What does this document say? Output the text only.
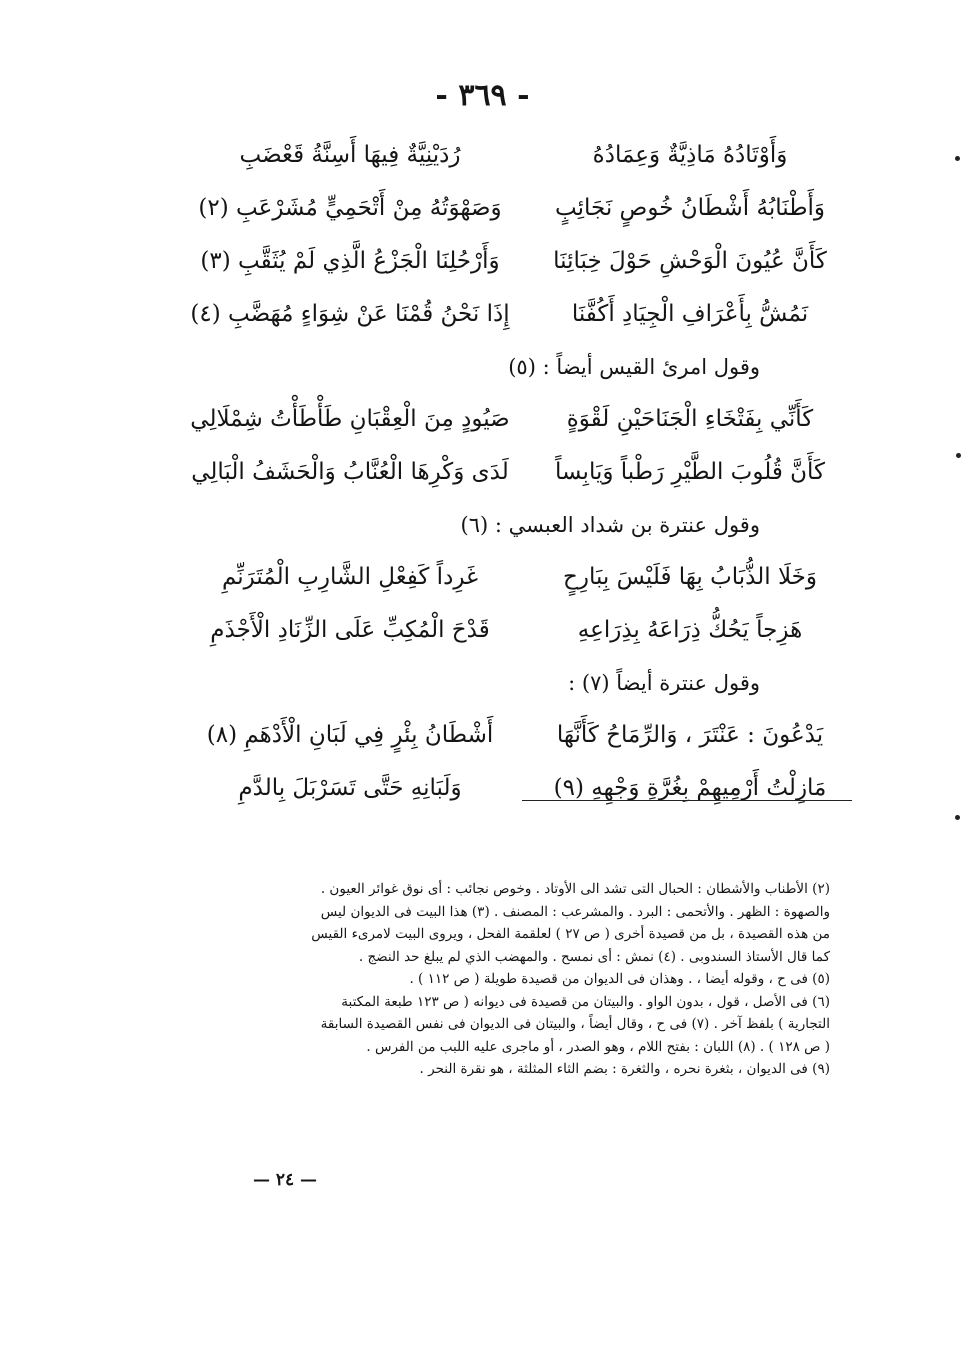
- ٣٦٩ -
وَأَوْتَادُهُ مَاذِيَّةٌ وَعِمَادُهُ
رُدَيْنِيَّةٌ فِيهَا أَسِنَّةُ قَعْضَبِ
وَأَطْنَابُهُ أَشْطَانُ خُوصٍ نَجَائِبٍ
وَصَهْوَتُهُ مِنْ أَتْحَمِيٍّ مُشَرْعَبِ (٢)
كَأَنَّ عُيُونَ الْوَحْشِ حَوْلَ خِبَائِنَا
وَأَرْحُلِنَا الْجَزْعُ الَّذِي لَمْ يُثَقَّبِ (٣)
نَمُشُّ بِأَعْرَافِ الْجِيَادِ أَكُفَّنَا
إِذَا نَحْنُ قُمْنَا عَنْ شِوَاءٍ مُهَضَّبِ (٤)
وقول امرئ القيس أيضاً : (٥)
كَأَنِّي بِفَتْخَاءِ الْجَنَاحَيْنِ لَقْوَةٍ
صَيُودٍ مِنَ الْعِقْبَانِ طَأْطَأْتُ شِمْلَالِي
كَأَنَّ قُلُوبَ الطَّيْرِ رَطْباً وَيَابِساً
لَدَى وَكْرِهَا الْعُنَّابُ وَالْحَشَفُ الْبَالِي
وقول عنترة بن شداد العبسي : (٦)
وَخَلَا الذُّبَابُ بِهَا فَلَيْسَ بِبَارِحٍ
غَرِداً كَفِعْلِ الشَّارِبِ الْمُتَرَنِّمِ
هَزِجاً يَحُكُّ ذِرَاعَهُ بِذِرَاعِهِ
قَدْحَ الْمُكِبِّ عَلَى الزِّنَادِ الْأَجْذَمِ
وقول عنترة أيضاً (٧) :
يَدْعُونَ : عَنْتَرَ ، وَالرِّمَاحُ كَأَنَّهَا
أَشْطَانُ بِئْرٍ فِي لَبَانِ الْأَدْهَمِ (٨)
مَازِلْتُ أَرْمِيهِمْ بِغُرَّةِ وَجْهِهِ (٩)
وَلَبَانِهِ حَتَّى تَسَرْبَلَ بِالدَّمِ
(٢) الأطناب والأشطان : الحبال التى تشد الى الأوتاد . وخوص نجائب : أى نوق غوائر العيون .
والصهوة : الظهر . والأتحمى : البرد . والمشرعب : المصنف . (٣) هذا البيت فى الديوان ليس
من هذه القصيدة ، بل من قصيدة أخرى ( ص ٢٧ ) لعلقمة الفحل ، ويروى البيت لامرىء القيس
كما قال الأستاذ السندوبى . (٤) نمش : أى نمسح . والمهضب الذي لم يبلغ حد النضج .
(٥) فى ح ، وقوله أيضا ، . وهذان فى الديوان من قصيدة طويلة ( ص ١١٢ ) .
(٦) فى الأصل ، قول ، بدون الواو . والبيتان من قصيدة فى ديوانه ( ص ١٢٣ طبعة المكتبة
التجارية ) بلفظ آخر . (٧) فى ح ، وقال أيضاً ، والبيتان فى الديوان فى نفس القصيدة السابقة
( ص ١٢٨ ) . (٨) اللبان : بفتح اللام ، وهو الصدر ، أو ماجرى عليه اللبب من الفرس .
(٩) فى الديوان ، بثغرة نحره ، والثغرة : بضم الثاء المثلثة ، هو نقرة النحر .
— ٢٤ —
